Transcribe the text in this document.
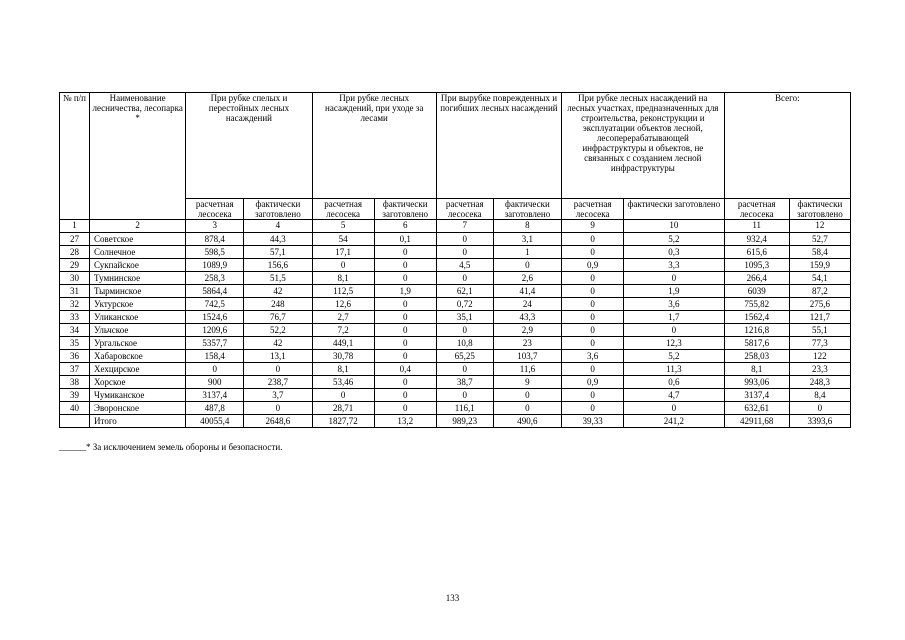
№ п/п	Наименование лесничества, лесопарка *	При рубке спелых и перестойных лесных насаждений		При рубке лесных насаждений, при уходе за лесами		При вырубке поврежденных и погибших лесных насаждений		При рубке лесных насаждений на лесных участках, предназначенных для строительства, реконструкции и эксплуатации объектов лесной, лесоперерабатывающей инфраструктуры и объектов, не связанных с созданием лесной инфраструктуры		Всего:	
		расчетная лесосека	фактически заготовлено	расчетная лесосека	фактически заготовлено	расчетная лесосека	фактически заготовлено	расчетная лесосека	фактически заготовлено	расчетная лесосека	фактически заготовлено
1	2	3	4	5	6	7	8	9	10	11	12
27	Советское	878,4	44,3	54	0,1	0	3,1	0	5,2	932,4	52,7
28	Солнечное	598,5	57,1	17,1	0	0	1	0	0,3	615,6	58,4
29	Сукпайское	1089,9	156,6	0	0	4,5	0	0,9	3,3	1095,3	159,9
30	Тумнинское	258,3	51,5	8,1	0	0	2,6	0	0	266,4	54,1
31	Тырминское	5864,4	42	112,5	1,9	62,1	41,4	0	1,9	6039	87,2
32	Уктурское	742,5	248	12,6	0	0,72	24	0	3,6	755,82	275,6
33	Уликанское	1524,6	76,7	2,7	0	35,1	43,3	0	1,7	1562,4	121,7
34	Ульчское	1209,6	52,2	7,2	0	0	2,9	0	0	1216,8	55,1
35	Ургальское	5357,7	42	449,1	0	10,8	23	0	12,3	5817,6	77,3
36	Хабаровское	158,4	13,1	30,78	0	65,25	103,7	3,6	5,2	258,03	122
37	Хехцирское	0	0	8,1	0,4	0	11,6	0	11,3	8,1	23,3
38	Хорское	900	238,7	53,46	0	38,7	9	0,9	0,6	993,06	248,3
39	Чумиканское	3137,4	3,7	0	0	0	0	0	4,7	3137,4	8,4
40	Эворонское	487,8	0	28,71	0	116,1	0	0	0	632,61	0
	Итого	40055,4	2648,6	1827,72	13,2	989,23	490,6	39,33	241,2	42911,68	3393,6
______* За исключением земель обороны и безопасности.
133
